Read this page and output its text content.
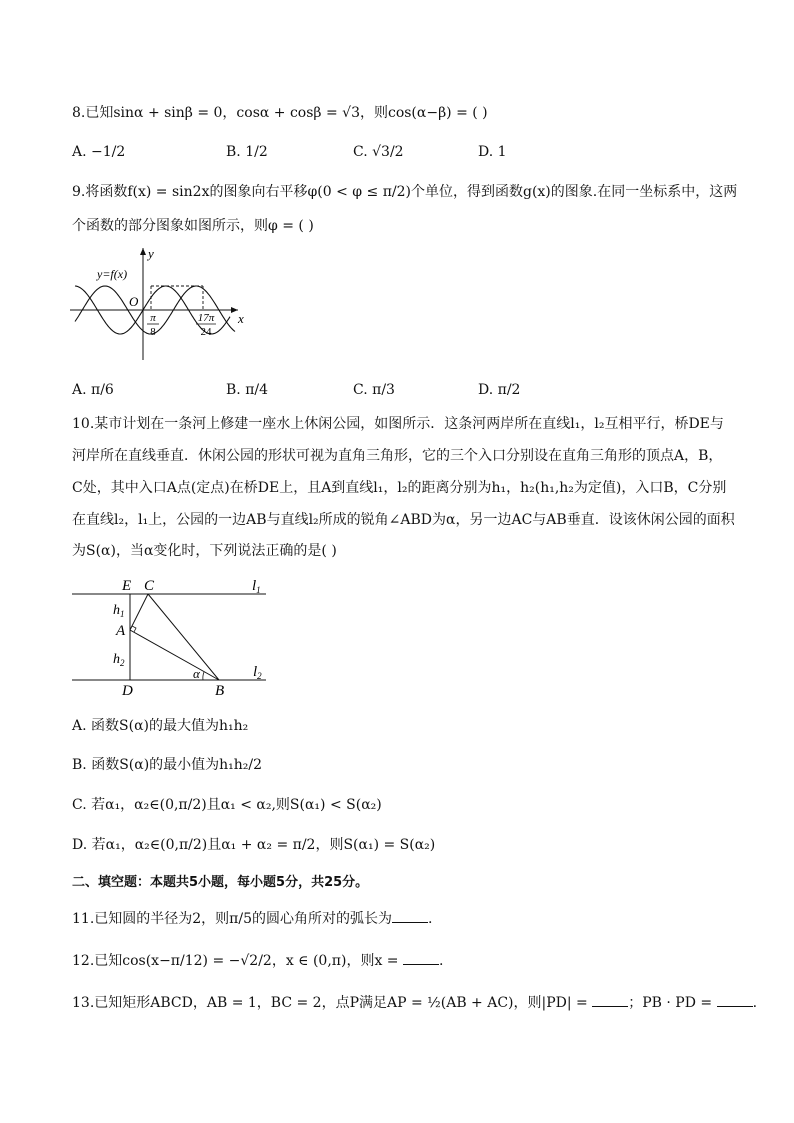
8.已知sinα + sinβ = 0，cosα + cosβ = √3，则cos(α−β) = ( )
A. −1/2	B. 1/2	C. √3/2	D. 1
9.将函数f(x) = sin2x的图象向右平移φ(0 < φ ≤ π/2)个单位，得到函数g(x)的图象.在同一坐标系中，这两
个函数的部分图象如图所示，则φ = ( )
y
x
O
y=f(x)
π
8
17π
24
A. π/6	B. π/4	C. π/3	D. π/2
10.某市计划在一条河上修建一座水上休闲公园，如图所示．这条河两岸所在直线l₁，l₂互相平行，桥DE与
河岸所在直线垂直．休闲公园的形状可视为直角三角形，它的三个入口分别设在直角三角形的顶点A，B，
C处，其中入口A点(定点)在桥DE上，且A到直线l₁，l₂的距离分别为h₁，h₂(h₁,h₂为定值)，入口B，C分别
在直线l₂，l₁上，公园的一边AB与直线l₂所成的锐角∠ABD为α，另一边AC与AB垂直．设该休闲公园的面积
为S(α)，当α变化时，下列说法正确的是( )
E C	$l_1$
$h_1$
A
$h_2$
D	B
α	$l_2$
A. 函数S(α)的最大值为h₁h₂
B. 函数S(α)的最小值为h₁h₂/2
C. 若α₁，α₂∈(0,π/2)且α₁ < α₂,则S(α₁) < S(α₂)
D. 若α₁，α₂∈(0,π/2)且α₁ + α₂ = π/2，则S(α₁) = S(α₂)
二、填空题：本题共5小题，每小题5分，共25分。
11.已知圆的半径为2，则π/5的圆心角所对的弧长为	.
12.已知cos(x−π/12) = −√2/2，x ∈ (0,π)，则x =	.
13.已知矩形ABCD，AB = 1，BC = 2，点P满足AP = ½(AB + AC)，则|PD| =	；PB · PD =	.
